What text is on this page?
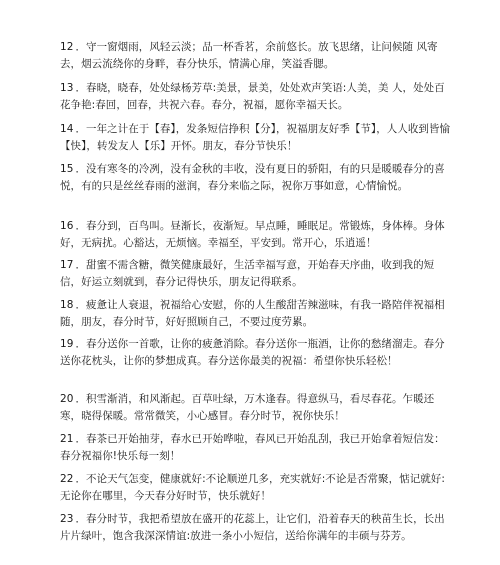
12 ．守一窗烟雨，风轻云淡；品一杯香茗，余前悠长。放飞思绪，让问候随 风寄去，烟云流绕你的身畔，春分快乐，情满心扉，笑溢香腮。

13 ．春晓，晓春，处处绿杨芳草:美景，景美，处处欢声笑语:人美，美 人，处处百花争艳:春回，回春，共祝六春。春分，祝福，愿你幸福天长。

14 ．一年之计在于【春】，发条短信挣积【分】，祝福朋友好季【节】，人人收到皆愉【快】，转发友人【乐】开怀。朋友，春分节快乐！

15 ．没有寒冬的冷冽，没有金秋的丰收，没有夏日的骄阳，有的只是暖暖春分的喜悦，有的只是丝丝春雨的滋润，春分来临之际，祝你万事如意，心情愉悦。

16 ．春分到，百鸟叫。昼渐长，夜渐短。早点睡，睡眠足。常锻炼，身体棒。身体好，无病扰。心豁达，无烦恼。幸福至，平安到。常开心，乐逍遥！

17 ．甜蜜不需含糖，微笑健康最好，生活幸福写意，开始春天序曲，收到我的短信，好运立刻就到，春分记得快乐，朋友记得联系。

18 ．疲惫让人衰退，祝福给心安慰，你的人生酸甜苦辣滋味，有我一路陪伴祝福相随，朋友，春分时节，好好照顾自己，不要过度劳累。

19 ．春分送你一首歌，让你的疲惫消除。春分送你一瓶酒，让你的愁绪溜走。春分送你花枕头，让你的梦想成真。春分送你最美的祝福：希望你快乐轻松！

20 ．积雪渐消，和风渐起。百草吐绿，万木逢春。得意纵马，看尽春花。乍暖还寒，晓得保暖。常常微笑，小心感冒。春分时节，祝你快乐！

21 ．春茶已开始抽芽，春水已开始哗啦，春风已开始乱刮，我已开始拿着短信发：春分祝福你!快乐每一刻！

22 ．不论天气怎变，健康就好:不论顺逆几多，充实就好:不论是否常聚，惦记就好:无论你在哪里，今天春分好时节，快乐就好！

23 ．春分时节，我把希望放在盛开的花蕊上，让它们，沿着春天的秧苗生长，长出片片绿叶，饱含我深深情谊:放进一条小小短信，送给你满年的丰硕与芬芳。
